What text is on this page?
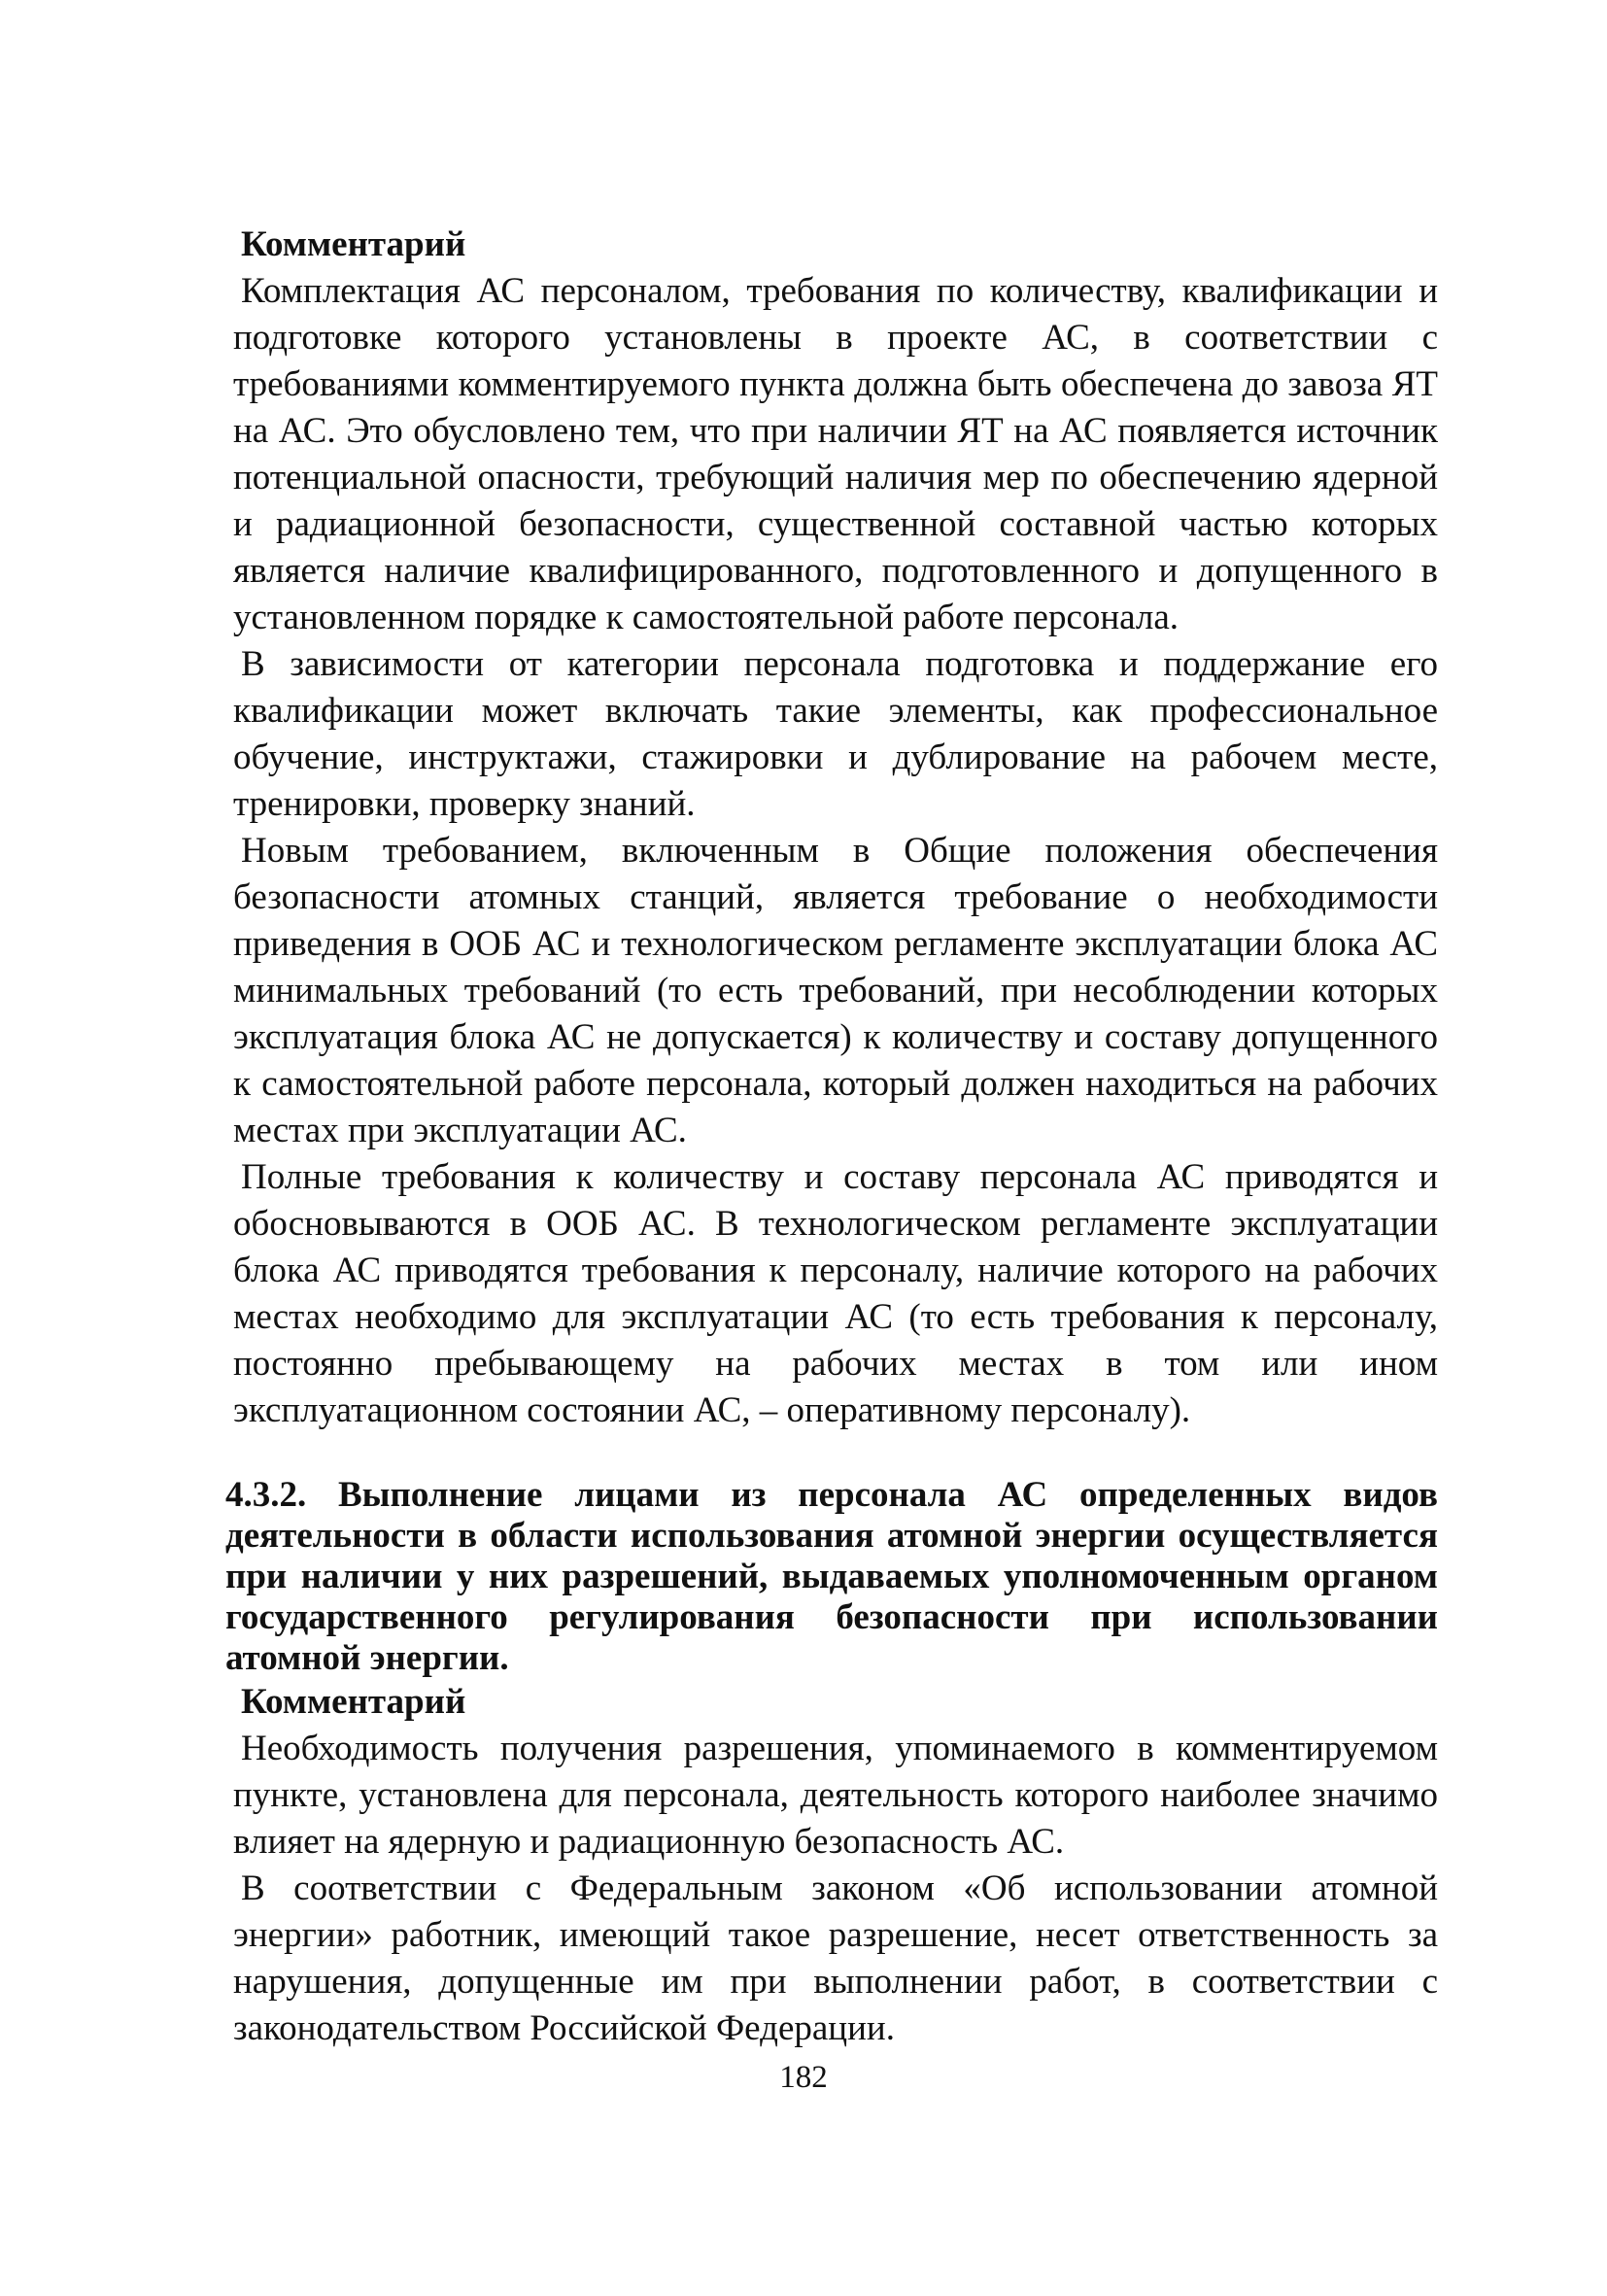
Комментарий

Комплектация АС персоналом, требования по количеству, квалификации и подготовке которого установлены в проекте АС, в соответствии с требованиями комментируемого пункта должна быть обеспечена до завоза ЯТ на АС. Это обусловлено тем, что при наличии ЯТ на АС появляется источник потенциальной опасности, требующий наличия мер по обеспечению ядерной и радиационной безопасности, существенной составной частью которых является наличие квалифицированного, подготовленного и допущенного в установленном порядке к самостоятельной работе персонала.

В зависимости от категории персонала подготовка и поддержание его квалификации может включать такие элементы, как профессиональное обучение, инструктажи, стажировки и дублирование на рабочем месте, тренировки, проверку знаний.

Новым требованием, включенным в Общие положения обеспечения безопасности атомных станций, является требование о необходимости приведения в ООБ АС и технологическом регламенте эксплуатации блока АС минимальных требований (то есть требований, при несоблюдении которых эксплуатация блока АС не допускается) к количеству и составу допущенного к самостоятельной работе персонала, который должен находиться на рабочих местах при эксплуатации АС.

Полные требования к количеству и составу персонала АС приводятся и обосновываются в ООБ АС. В технологическом регламенте эксплуатации блока АС приводятся требования к персоналу, наличие которого на рабочих местах необходимо для эксплуатации АС (то есть требования к персоналу, постоянно пребывающему на рабочих местах в том или ином эксплуатационном состоянии АС, – оперативному персоналу).

4.3.2. Выполнение лицами из персонала АС определенных видов деятельности в области использования атомной энергии осуществляется при наличии у них разрешений, выдаваемых уполномоченным органом государственного регулирования безопасности при использовании атомной энергии.

Комментарий

Необходимость получения разрешения, упоминаемого в комментируемом пункте, установлена для персонала, деятельность которого наиболее значимо влияет на ядерную и радиационную безопасность АС.

В соответствии с Федеральным законом «Об использовании атомной энергии» работник, имеющий такое разрешение, несет ответственность за нарушения, допущенные им при выполнении работ, в соответствии с законодательством Российской Федерации.

182
